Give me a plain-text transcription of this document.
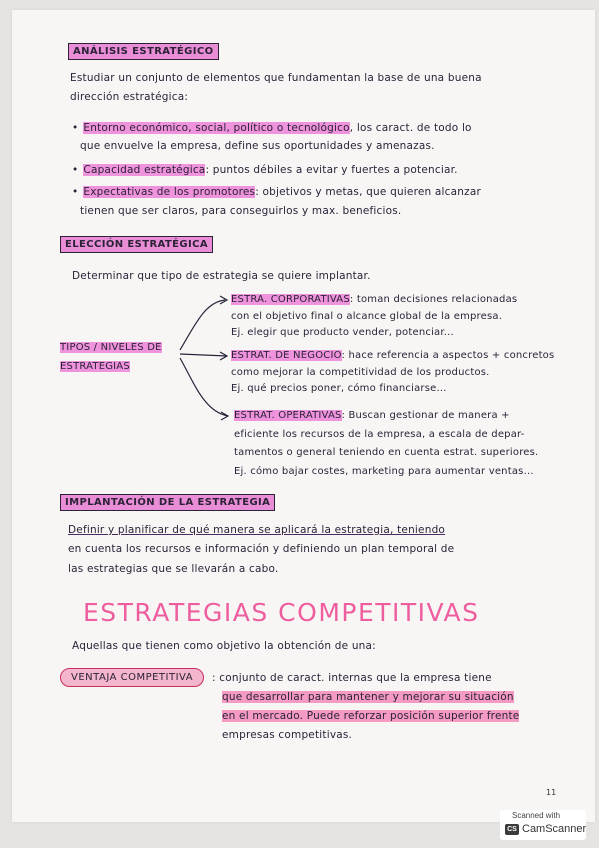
ANÁLISIS ESTRATÉGICO
Estudiar un conjunto de elementos que fundamentan la base de una buena
dirección estratégica:
• Entorno económico, social, político o tecnológico, los caract. de todo lo
que envuelve la empresa, define sus oportunidades y amenazas.
• Capacidad estratégica: puntos débiles a evitar y fuertes a potenciar.
• Expectativas de los promotores: objetivos y metas, que quieren alcanzar
tienen que ser claros, para conseguirlos y max. beneficios.
ELECCIÓN ESTRATÉGICA
Determinar que tipo de estrategia se quiere implantar.
TIPOS / NIVELES DE
ESTRATEGIAS
ESTRA. CORPORATIVAS: toman decisiones relacionadas
con el objetivo final o alcance global de la empresa.
Ej. elegir que producto vender, potenciar...
ESTRAT. DE NEGOCIO: hace referencia a aspectos + concretos
como mejorar la competitividad de los productos.
Ej. qué precios poner, cómo financiarse...
ESTRAT. OPERATIVAS: Buscan gestionar de manera +
eficiente los recursos de la empresa, a escala de depar-
tamentos o general teniendo en cuenta estrat. superiores.
Ej. cómo bajar costes, marketing para aumentar ventas...
IMPLANTACIÓN DE LA ESTRATEGIA
Definir y planificar de qué manera se aplicará la estrategia, teniendo
en cuenta los recursos e información y definiendo un plan temporal de
las estrategias que se llevarán a cabo.
ESTRATEGIAS COMPETITIVAS
Aquellas que tienen como objetivo la obtención de una:
VENTAJA COMPETITIVA	: conjunto de caract. internas que la empresa tiene
que desarrollar para mantener y mejorar su situación
en el mercado. Puede reforzar posición superior frente
empresas competitivas.
11
Scanned with
CS CamScanner
